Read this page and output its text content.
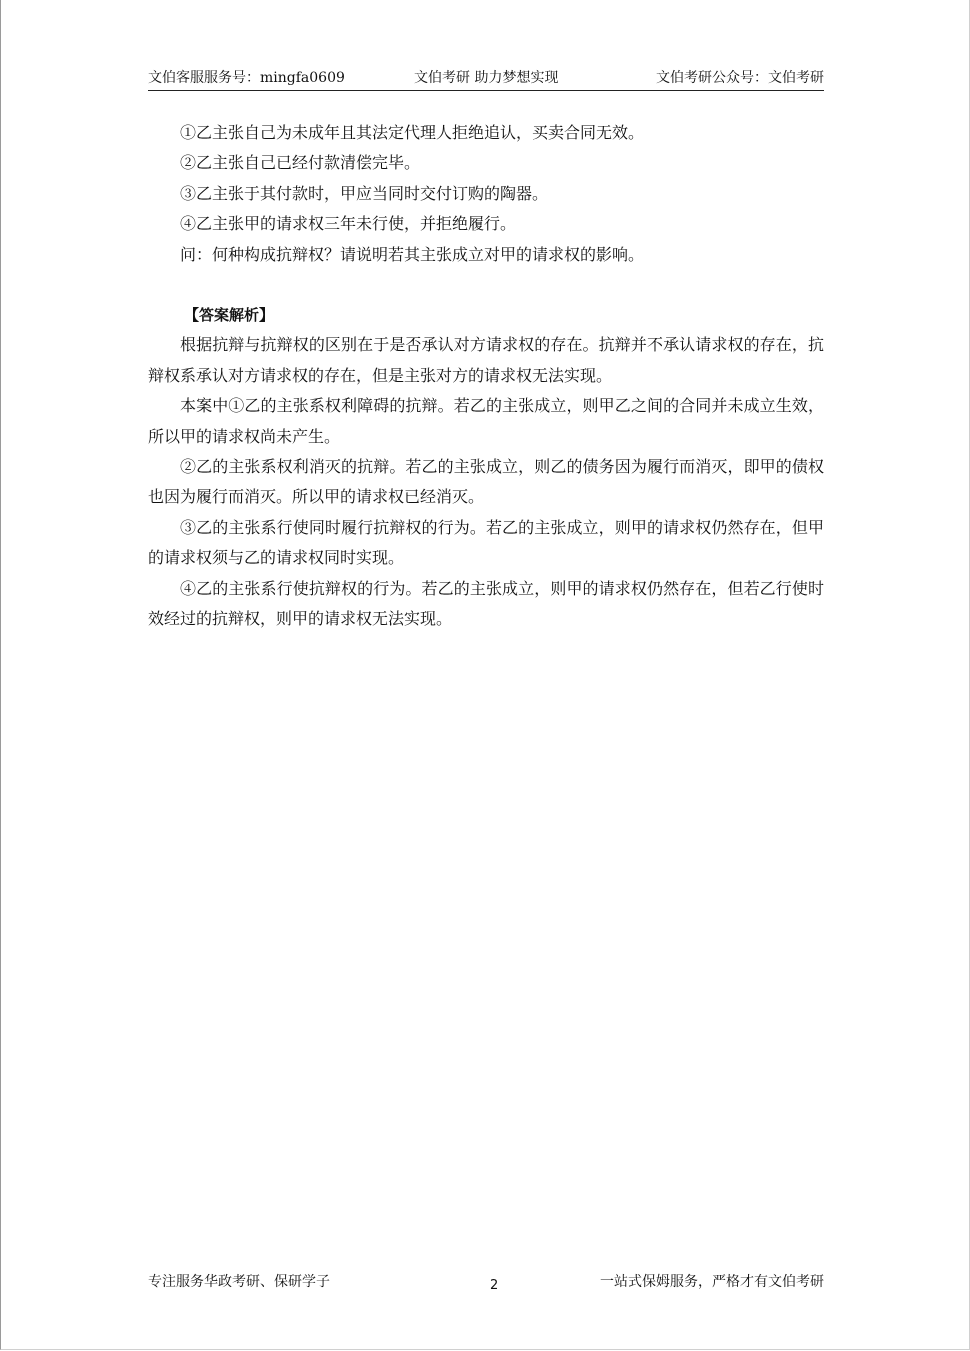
文伯客服服务号：mingfa0609	文伯考研 助力梦想实现	文伯考研公众号：文伯考研

①乙主张自己为未成年且其法定代理人拒绝追认，买卖合同无效。

②乙主张自己已经付款清偿完毕。

③乙主张于其付款时，甲应当同时交付订购的陶器。

④乙主张甲的请求权三年未行使，并拒绝履行。

问：何种构成抗辩权？请说明若其主张成立对甲的请求权的影响。

【答案解析】

根据抗辩与抗辩权的区别在于是否承认对方请求权的存在。抗辩并不承认请求权的存在，抗辩权系承认对方请求权的存在，但是主张对方的请求权无法实现。

本案中①乙的主张系权利障碍的抗辩。若乙的主张成立，则甲乙之间的合同并未成立生效，所以甲的请求权尚未产生。

②乙的主张系权利消灭的抗辩。若乙的主张成立，则乙的债务因为履行而消灭，即甲的债权也因为履行而消灭。所以甲的请求权已经消灭。

③乙的主张系行使同时履行抗辩权的行为。若乙的主张成立，则甲的请求权仍然存在，但甲的请求权须与乙的请求权同时实现。

④乙的主张系行使抗辩权的行为。若乙的主张成立，则甲的请求权仍然存在，但若乙行使时效经过的抗辩权，则甲的请求权无法实现。

专注服务华政考研、保研学子	2	一站式保姆服务，严格才有文伯考研
